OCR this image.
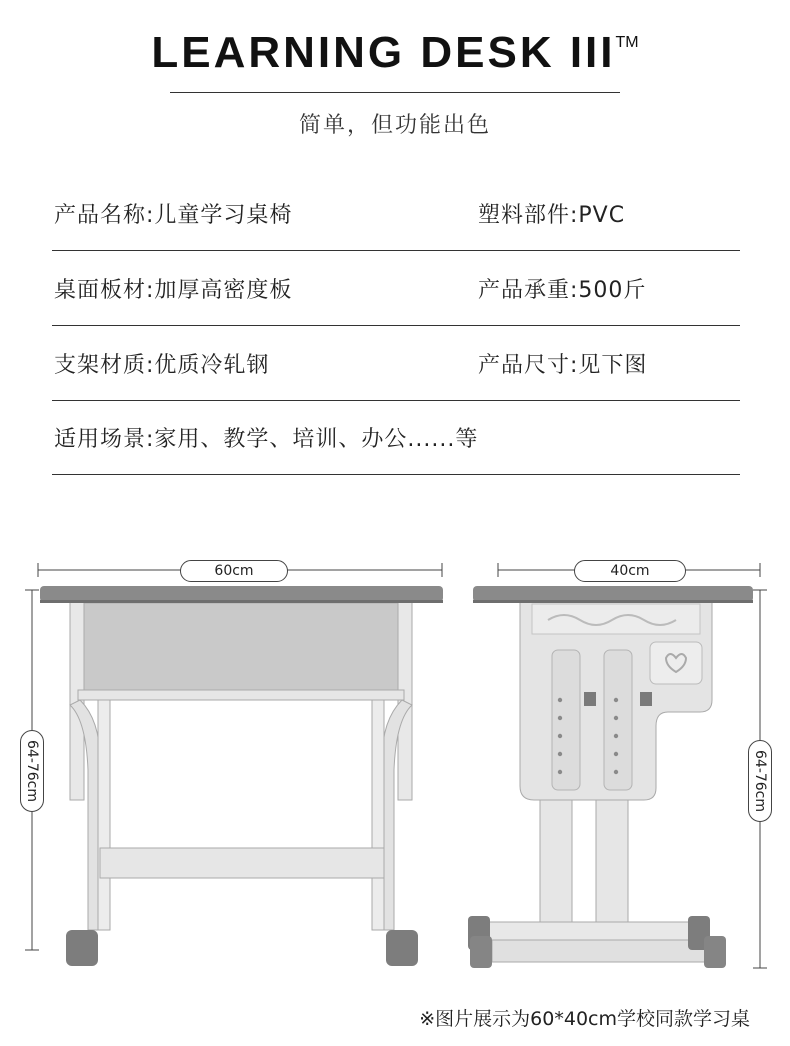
LEARNING DESK III™
简单，但功能出色
产品名称:儿童学习桌椅	塑料部件:PVC
桌面板材:加厚高密度板	产品承重:500斤
支架材质:优质冷轧钢	产品尺寸:见下图
适用场景:家用、教学、培训、办公......等
60cm
64-76cm
40cm
64-76cm
※图片展示为60*40cm学校同款学习桌
